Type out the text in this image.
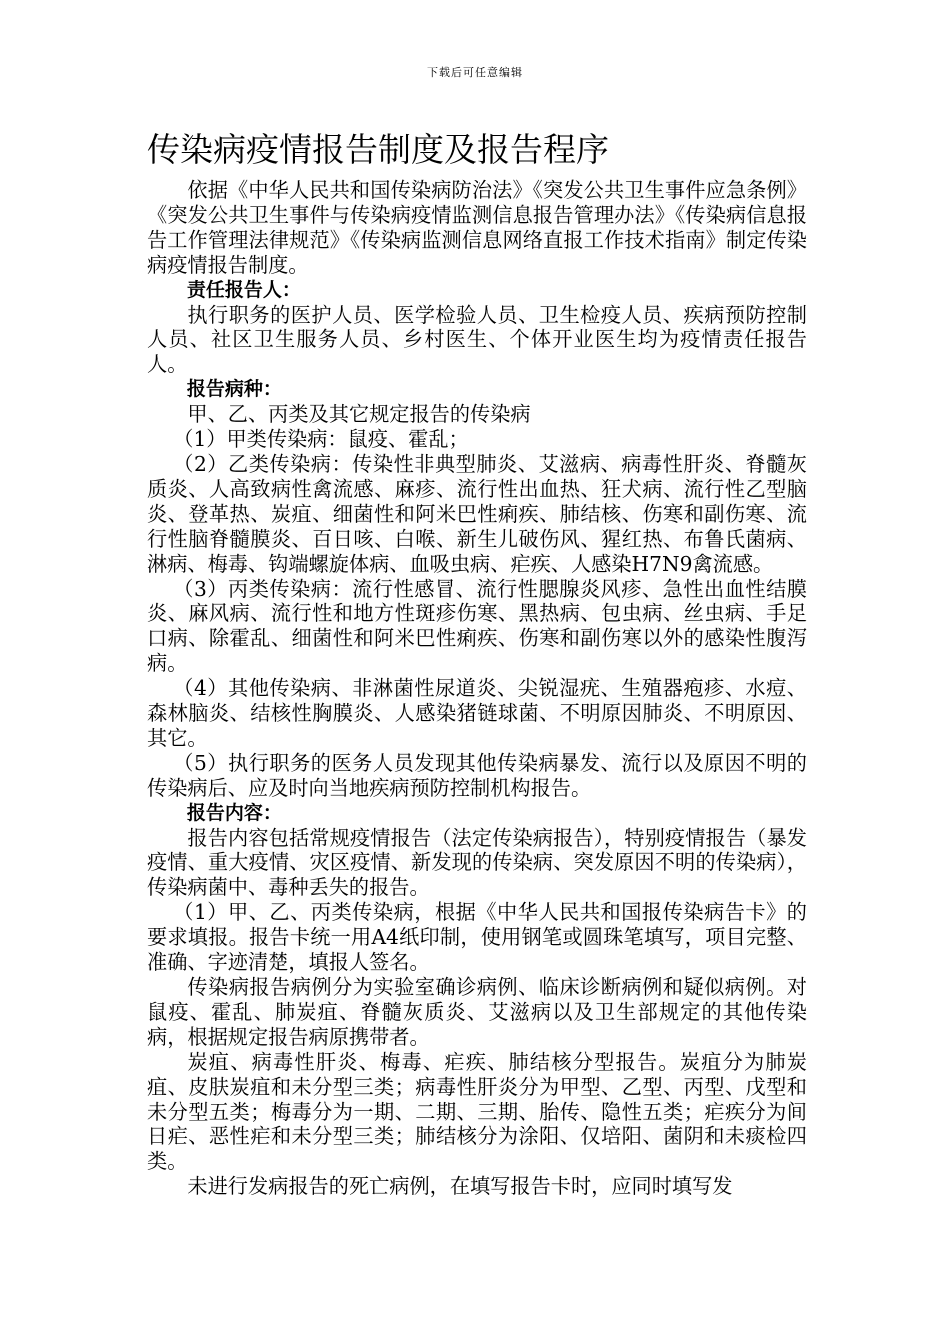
下载后可任意编辑
传染病疫情报告制度及报告程序

依据《中华人民共和国传染病防治法》《突发公共卫生事件应急条例》《突发公共卫生事件与传染病疫情监测信息报告管理办法》《传染病信息报告工作管理法律规范》《传染病监测信息网络直报工作技术指南》制定传染病疫情报告制度。

责任报告人：

执行职务的医护人员、医学检验人员、卫生检疫人员、疾病预防控制人员、社区卫生服务人员、乡村医生、个体开业医生均为疫情责任报告人。

报告病种：

甲、乙、丙类及其它规定报告的传染病

（1）甲类传染病：鼠疫、霍乱；

（2）乙类传染病：传染性非典型肺炎、艾滋病、病毒性肝炎、脊髓灰质炎、人高致病性禽流感、麻疹、流行性出血热、狂犬病、流行性乙型脑炎、登革热、炭疽、细菌性和阿米巴性痢疾、肺结核、伤寒和副伤寒、流行性脑脊髓膜炎、百日咳、白喉、新生儿破伤风、猩红热、布鲁氏菌病、淋病、梅毒、钩端螺旋体病、血吸虫病、疟疾、人感染H7N9禽流感。

（3）丙类传染病：流行性感冒、流行性腮腺炎风疹、急性出血性结膜炎、麻风病、流行性和地方性斑疹伤寒、黑热病、包虫病、丝虫病、手足口病、除霍乱、细菌性和阿米巴性痢疾、伤寒和副伤寒以外的感染性腹泻病。

（4）其他传染病、非淋菌性尿道炎、尖锐湿疣、生殖器疱疹、水痘、森林脑炎、结核性胸膜炎、人感染猪链球菌、不明原因肺炎、不明原因、其它。

（5）执行职务的医务人员发现其他传染病暴发、流行以及原因不明的传染病后、应及时向当地疾病预防控制机构报告。

报告内容：

报告内容包括常规疫情报告（法定传染病报告），特别疫情报告（暴发疫情、重大疫情、灾区疫情、新发现的传染病、突发原因不明的传染病），传染病菌中、毒种丢失的报告。

（1）甲、乙、丙类传染病，根据《中华人民共和国报传染病告卡》的要求填报。报告卡统一用A4纸印制，使用钢笔或圆珠笔填写，项目完整、准确、字迹清楚，填报人签名。

传染病报告病例分为实验室确诊病例、临床诊断病例和疑似病例。对鼠疫、霍乱、肺炭疽、脊髓灰质炎、艾滋病以及卫生部规定的其他传染病，根据规定报告病原携带者。

炭疽、病毒性肝炎、梅毒、疟疾、肺结核分型报告。炭疽分为肺炭疽、皮肤炭疽和未分型三类；病毒性肝炎分为甲型、乙型、丙型、戊型和未分型五类；梅毒分为一期、二期、三期、胎传、隐性五类；疟疾分为间日疟、恶性疟和未分型三类；肺结核分为涂阳、仅培阳、菌阴和未痰检四类。

未进行发病报告的死亡病例，在填写报告卡时，应同时填写发
